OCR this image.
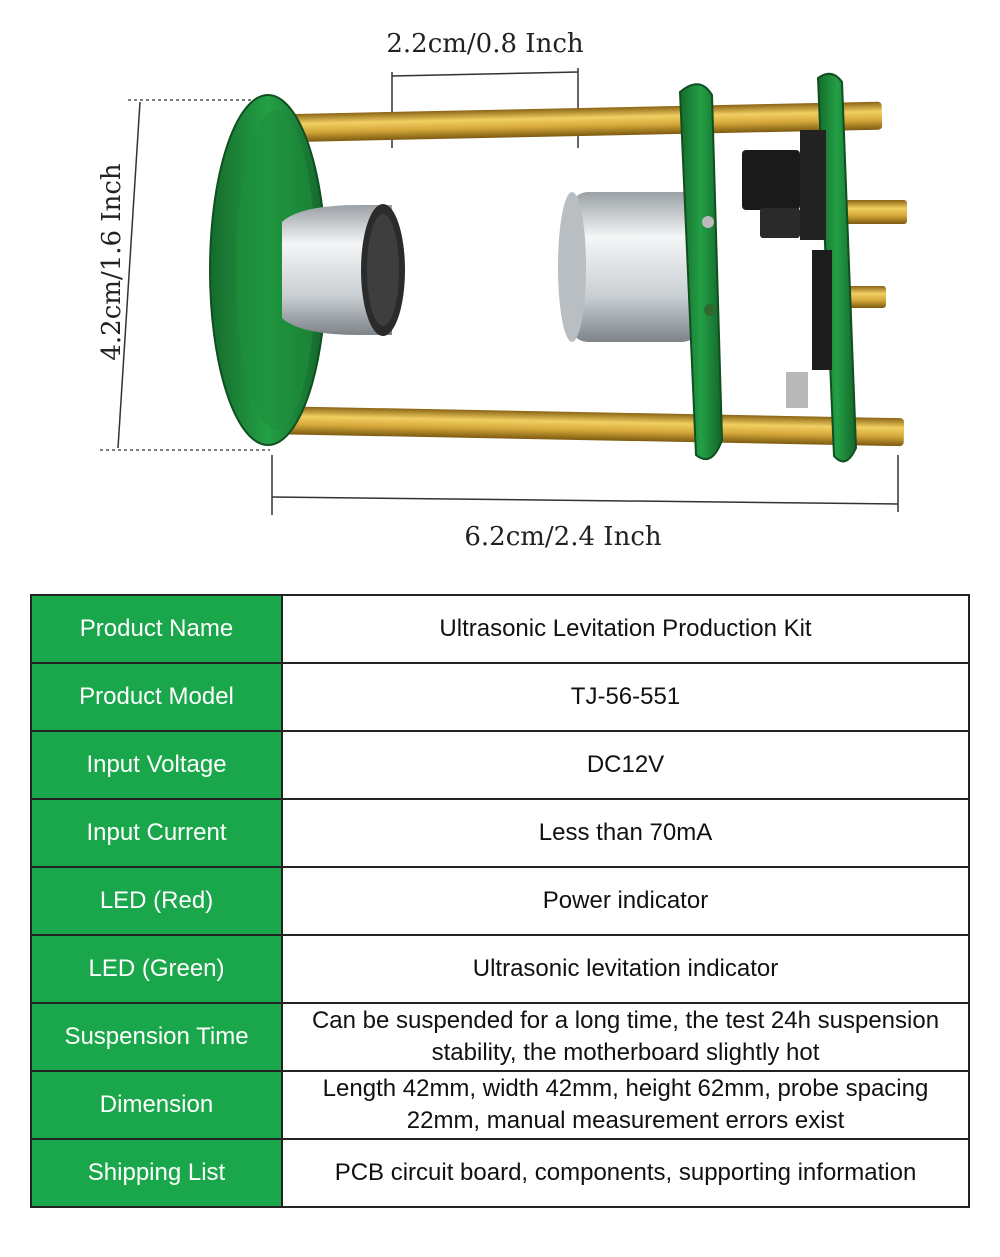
2.2cm/0.8 Inch
4.2cm/1.6 Inch
6.2cm/2.4 Inch
Product Name	Ultrasonic Levitation Production Kit
Product Model	TJ-56-551
Input Voltage	DC12V
Input Current	Less than 70mA
LED (Red)	Power indicator
LED (Green)	Ultrasonic levitation indicator
Suspension Time	Can be suspended for a long time, the test 24h suspension stability, the motherboard slightly hot
Dimension	Length 42mm, width 42mm, height 62mm, probe spacing 22mm, manual measurement errors exist
Shipping List	PCB circuit board, components, supporting information
